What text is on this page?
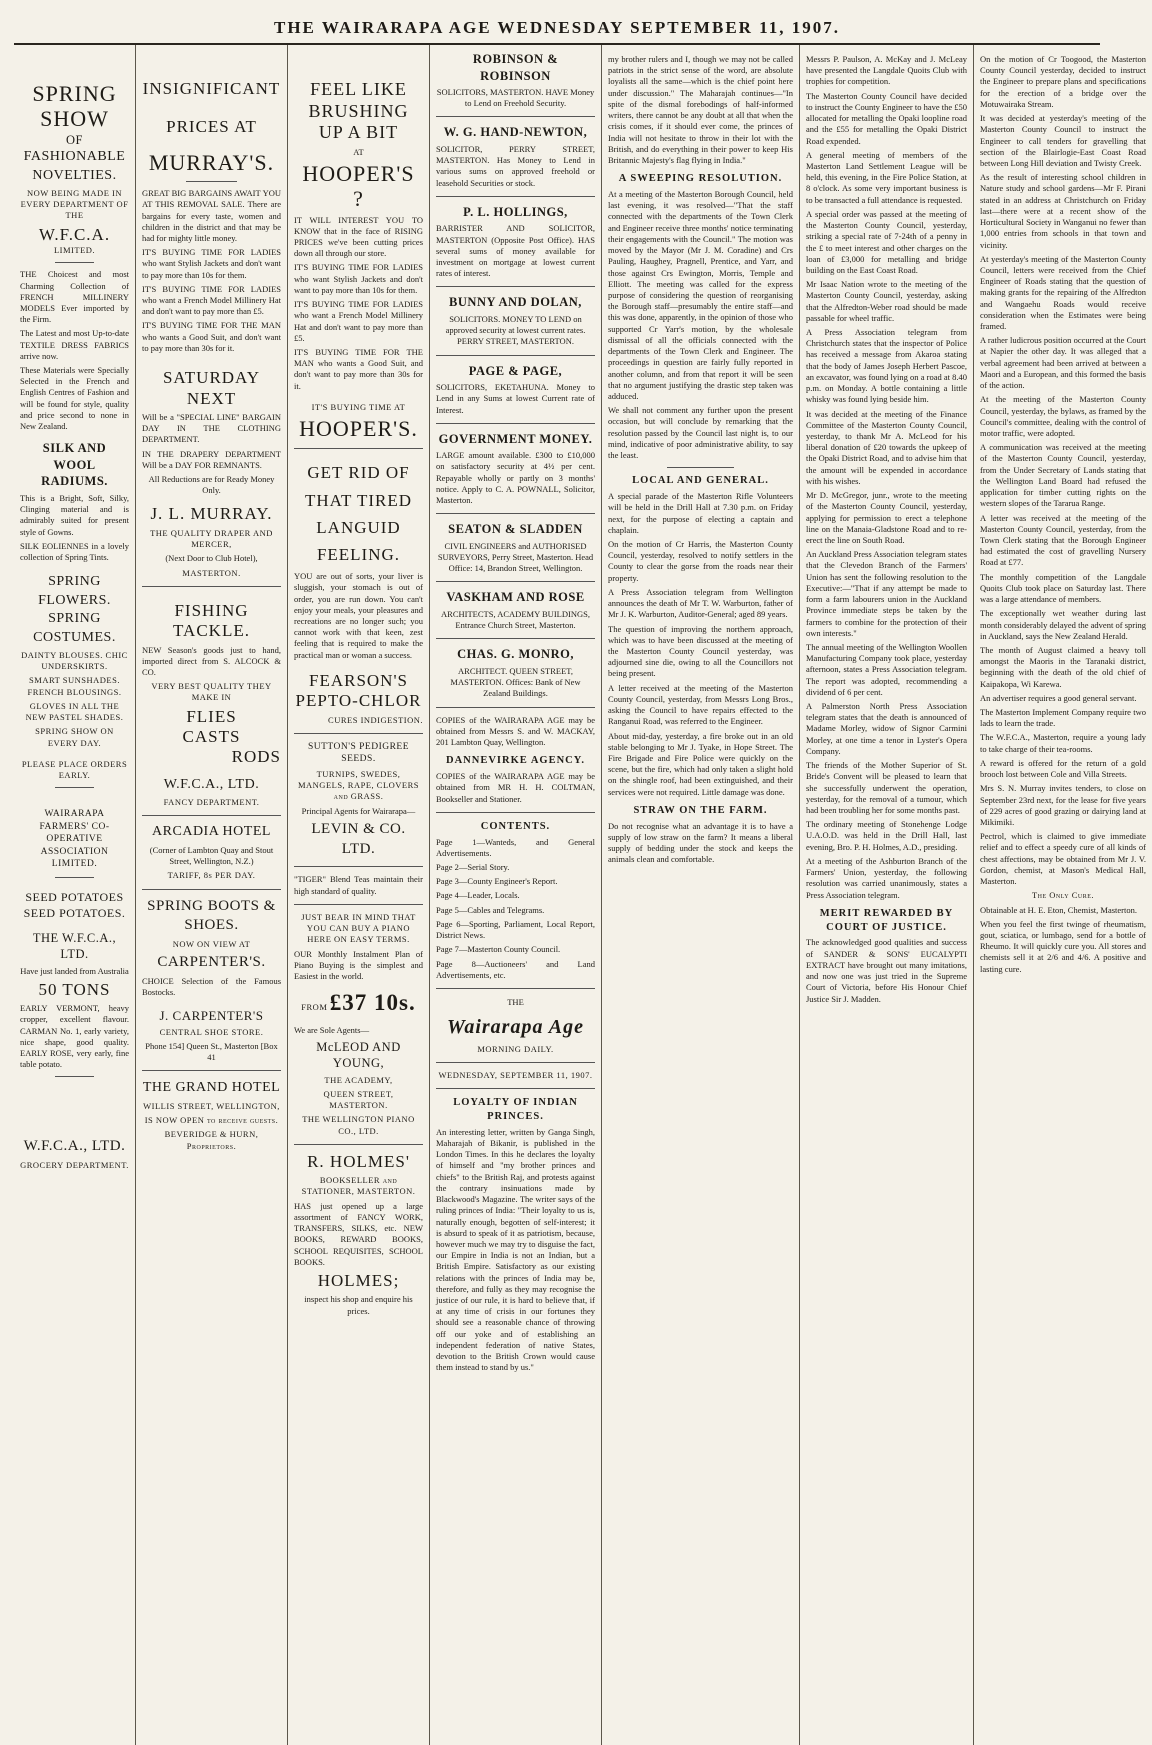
THE WAIRARAPA AGE WEDNESDAY SEPTEMBER 11, 1907.
SPRING
SHOW
OF
FASHIONABLE
NOVELTIES.

NOW BEING MADE IN EVERY DEPARTMENT OF THE

W.F.C.A.
LIMITED.

THE Choicest and most Charming Collection of FRENCH MILLINERY MODELS Ever imported by the Firm.

The Latest and most Up-to-date TEXTILE DRESS FABRICS arrive now.

These Materials were Specially Selected in the French and English Centres of Fashion and will be found for style, quality and price second to none in New Zealand.

SILK AND WOOL RADIUMS.

This is a Bright, Soft, Silky, Clinging material and is admirably suited for present style of Gowns.

SILK EOLIENNES in a lovely collection of Spring Tints.

SPRING FLOWERS.
SPRING COSTUMES.

DAINTY BLOUSES. CHIC UNDERSKIRTS.

SMART SUNSHADES. FRENCH BLOUSINGS.

GLOVES IN ALL THE NEW PASTEL SHADES.

SPRING SHOW ON EVERY DAY.

PLEASE PLACE ORDERS EARLY.

WAIRARAPA FARMERS' CO-OPERATIVE ASSOCIATION LIMITED.

SEED POTATOES SEED POTATOES.

THE W.F.C.A., LTD.

Have just landed from Australia

50 TONS

EARLY VERMONT, heavy cropper, excellent flavour. CARMAN No. 1, early variety, nice shape, good quality. EARLY ROSE, very early, fine table potato.

W.F.C.A., LTD.

GROCERY DEPARTMENT.

INSIGNIFICANT
PRICES AT
MURRAY'S.

GREAT BIG BARGAINS AWAIT YOU AT THIS REMOVAL SALE. There are bargains for every taste, women and children in the district and that may be had for mighty little money.

IT'S BUYING TIME FOR LADIES who want Stylish Jackets and don't want to pay more than 10s for them.

IT'S BUYING TIME FOR LADIES who want a French Model Millinery Hat and don't want to pay more than £5.

IT'S BUYING TIME FOR THE MAN who wants a Good Suit, and don't want to pay more than 30s for it.

SATURDAY NEXT

Will be a "SPECIAL LINE" BARGAIN DAY IN THE CLOTHING DEPARTMENT.

IN THE DRAPERY DEPARTMENT Will be a DAY FOR REMNANTS.

All Reductions are for Ready Money Only.

J. L. MURRAY.

THE QUALITY DRAPER AND MERCER,

(Next Door to Club Hotel),

MASTERTON.

FISHING TACKLE.

NEW Season's goods just to hand, imported direct from S. ALCOCK & CO.

VERY BEST QUALITY THEY MAKE IN

FLIES
CASTS
RODS
W.F.C.A., LTD.

FANCY DEPARTMENT.

ARCADIA HOTEL

(Corner of Lambton Quay and Stout Street, Wellington, N.Z.)

TARIFF, 8s PER DAY.

SPRING BOOTS & SHOES.

NOW ON VIEW AT

CARPENTER'S.

CHOICE Selection of the Famous Bostocks.

J. CARPENTER'S

CENTRAL SHOE STORE.

Phone 154] Queen St., Masterton [Box 41

THE GRAND HOTEL

WILLIS STREET, WELLINGTON,

IS NOW OPEN to receive guests.

BEVERIDGE & HURN, Proprietors.

FEEL LIKE BRUSHING UP A BIT

AT

HOOPER'S ?

IT WILL INTEREST YOU TO KNOW that in the face of RISING PRICES we've been cutting prices down all through our store.

IT'S BUYING TIME FOR LADIES who want Stylish Jackets and don't want to pay more than 10s for them.

IT'S BUYING TIME FOR LADIES who want a French Model Millinery Hat and don't want to pay more than £5.

IT'S BUYING TIME FOR THE MAN who wants a Good Suit, and don't want to pay more than 30s for it.

IT'S BUYING TIME AT

HOOPER'S.
GET RID OF THAT TIRED LANGUID FEELING.

YOU are out of sorts, your liver is sluggish, your stomach is out of order, you are run down. You can't enjoy your meals, your pleasures and recreations are no longer such; you cannot work with that keen, zest feeling that is required to make the practical man or woman a success.

FEARSON'S
PEPTO-CHLOR

CURES INDIGESTION.

SUTTON'S PEDIGREE SEEDS.

TURNIPS, SWEDES, MANGELS, RAPE, CLOVERS and GRASS.

Principal Agents for Wairarapa—

LEVIN & CO. LTD.

"TIGER" Blend Teas maintain their high standard of quality.

JUST BEAR IN MIND THAT YOU CAN BUY A PIANO HERE ON EASY TERMS.

OUR Monthly Instalment Plan of Piano Buying is the simplest and Easiest in the world.

FROM £37 10s.

We are Sole Agents—

McLEOD AND YOUNG,

THE ACADEMY,

QUEEN STREET, MASTERTON.

THE WELLINGTON PIANO CO., LTD.

R. HOLMES'

BOOKSELLER and STATIONER, MASTERTON.

HAS just opened up a large assortment of FANCY WORK, TRANSFERS, SILKS, etc. NEW BOOKS, REWARD BOOKS, SCHOOL REQUISITES, SCHOOL BOOKS.

HOLMES;

inspect his shop and enquire his prices.

ROBINSON & ROBINSON

SOLICITORS, MASTERTON. HAVE Money to Lend on Freehold Security.

W. G. HAND-NEWTON,

SOLICITOR, PERRY STREET, MASTERTON. Has Money to Lend in various sums on approved freehold or leasehold Securities or stock.

P. L. HOLLINGS,

BARRISTER AND SOLICITOR, MASTERTON (Opposite Post Office). HAS several sums of money available for investment on mortgage at lowest current rates of interest.

BUNNY AND DOLAN,

SOLICITORS. MONEY TO LEND on approved security at lowest current rates. PERRY STREET, MASTERTON.

PAGE & PAGE,

SOLICITORS, EKETAHUNA. Money to Lend in any Sums at lowest Current rate of Interest.

GOVERNMENT MONEY.

LARGE amount available. £300 to £10,000 on satisfactory security at 4½ per cent. Repayable wholly or partly on 3 months' notice. Apply to C. A. POWNALL, Solicitor, Masterton.

SEATON & SLADDEN

CIVIL ENGINEERS and AUTHORISED SURVEYORS, Perry Street, Masterton. Head Office: 14, Brandon Street, Wellington.

VASKHAM AND ROSE

ARCHITECTS, ACADEMY BUILDINGS, Entrance Church Street, Masterton.

CHAS. G. MONRO,

ARCHITECT. QUEEN STREET, MASTERTON. Offices: Bank of New Zealand Buildings.

COPIES of the WAIRARAPA AGE may be obtained from Messrs S. and W. MACKAY, 201 Lambton Quay, Wellington.

DANNEVIRKE AGENCY.

COPIES of the WAIRARAPA AGE may be obtained from MR H. H. COLTMAN, Bookseller and Stationer.

CONTENTS.

Page 1—Wanteds, and General Advertisements.

Page 2—Serial Story.

Page 3—County Engineer's Report.

Page 4—Leader, Locals.

Page 5—Cables and Telegrams.

Page 6—Sporting, Parliament, Local Report, District News.

Page 7—Masterton County Council.

Page 8—Auctioneers' and Land Advertisements, etc.

THE

Wairarapa Age

MORNING DAILY.

WEDNESDAY, SEPTEMBER 11, 1907.

LOYALTY OF INDIAN PRINCES.

An interesting letter, written by Ganga Singh, Maharajah of Bikanir, is published in the London Times. In this he declares the loyalty of himself and "my brother princes and chiefs" to the British Raj, and protests against the contrary insinuations made by Blackwood's Magazine. The writer says of the ruling princes of India: "Their loyalty to us is, naturally enough, begotten of self-interest; it is absurd to speak of it as patriotism, because, however much we may try to disguise the fact, our Empire in India is not an Indian, but a British Empire. Satisfactory as our existing relations with the princes of India may be, therefore, and fully as they may recognise the justice of our rule, it is hard to believe that, if at any time of crisis in our fortunes they should see a reasonable chance of throwing off our yoke and of establishing an independent federation of native States, devotion to the British Crown would cause them instead to stand by us."

my brother rulers and I, though we may not be called patriots in the strict sense of the word, are absolute loyalists all the same—which is the chief point here under discussion." The Maharajah continues—"In spite of the dismal forebodings of half-informed writers, there cannot be any doubt at all that when the crisis comes, if it should ever come, the princes of India will not hesitate to throw in their lot with the British, and do everything in their power to keep His Britannic Majesty's flag flying in India."

A SWEEPING RESOLUTION.

At a meeting of the Masterton Borough Council, held last evening, it was resolved—"That the staff connected with the departments of the Town Clerk and Engineer receive three months' notice terminating their engagements with the Council." The motion was moved by the Mayor (Mr J. M. Coradine) and Crs Pauling, Haughey, Pragnell, Prentice, and Yarr, and those against Crs Ewington, Morris, Temple and Elliott. The meeting was called for the express purpose of considering the question of reorganising the Borough staff—presumably the entire staff—and this was done, apparently, in the opinion of those who supported Cr Yarr's motion, by the wholesale dismissal of all the officials connected with the departments of the Town Clerk and Engineer. The proceedings in question are fairly fully reported in another column, and from that report it will be seen that no argument justifying the drastic step taken was adduced.

We shall not comment any further upon the present occasion, but will conclude by remarking that the resolution passed by the Council last night is, to our mind, indicative of poor administrative ability, to say the least.

LOCAL AND GENERAL.

A special parade of the Masterton Rifle Volunteers will be held in the Drill Hall at 7.30 p.m. on Friday next, for the purpose of electing a captain and chaplain.

On the motion of Cr Harris, the Masterton County Council, yesterday, resolved to notify settlers in the County to clear the gorse from the roads near their property.

A Press Association telegram from Wellington announces the death of Mr T. W. Warburton, father of Mr J. K. Warburton, Auditor-General; aged 89 years.

The question of improving the northern approach, which was to have been discussed at the meeting of the Masterton County Council yesterday, was adjourned sine die, owing to all the Councillors not being present.

A letter received at the meeting of the Masterton County Council, yesterday, from Messrs Long Bros., asking the Council to have repairs effected to the Ranganui Road, was referred to the Engineer.

About mid-day, yesterday, a fire broke out in an old stable belonging to Mr J. Tyake, in Hope Street. The Fire Brigade and Fire Police were quickly on the scene, but the fire, which had only taken a slight hold on the shingle roof, had been extinguished, and their services were not required. Little damage was done.

STRAW ON THE FARM.

Do not recognise what an advantage it is to have a supply of low straw on the farm? It means a liberal supply of bedding under the stock and keeps the animals clean and comfortable.

Messrs P. Paulson, A. McKay and J. McLeay have presented the Langdale Quoits Club with trophies for competition.

The Masterton County Council have decided to instruct the County Engineer to have the £50 allocated for metalling the Opaki loopline road and the £55 for metalling the Opaki District Road expended.

A general meeting of members of the Masterton Land Settlement League will be held, this evening, in the Fire Police Station, at 8 o'clock. As some very important business is to be transacted a full attendance is requested.

A special order was passed at the meeting of the Masterton County Council, yesterday, striking a special rate of 7-24th of a penny in the £ to meet interest and other charges on the loan of £3,000 for metalling and bridge building on the East Coast Road.

Mr Isaac Nation wrote to the meeting of the Masterton County Council, yesterday, asking that the Alfredton-Weber road should be made passable for wheel traffic.

A Press Association telegram from Christchurch states that the inspector of Police has received a message from Akaroa stating that the body of James Joseph Herbert Pascoe, an excavator, was found lying on a road at 8.40 p.m. on Monday. A bottle containing a little whisky was found lying beside him.

It was decided at the meeting of the Finance Committee of the Masterton County Council, yesterday, to thank Mr A. McLeod for his liberal donation of £20 towards the upkeep of the Opaki District Road, and to advise him that the amount will be expended in accordance with his wishes.

Mr D. McGregor, junr., wrote to the meeting of the Masterton County Council, yesterday, applying for permission to erect a telephone line on the Manaia-Gladstone Road and to re-erect the line on South Road.

An Auckland Press Association telegram states that the Clevedon Branch of the Farmers' Union has sent the following resolution to the Executive:—"That if any attempt be made to form a farm labourers union in the Auckland Province immediate steps be taken by the farmers to combine for the protection of their own interests."

The annual meeting of the Wellington Woollen Manufacturing Company took place, yesterday afternoon, states a Press Association telegram. The report was adopted, recommending a dividend of 6 per cent.

A Palmerston North Press Association telegram states that the death is announced of Madame Morley, widow of Signor Carmini Morley, at one time a tenor in Lyster's Opera Company.

The friends of the Mother Superior of St. Bride's Convent will be pleased to learn that she successfully underwent the operation, yesterday, for the removal of a tumour, which had been troubling her for some months past.

The ordinary meeting of Stonehenge Lodge U.A.O.D. was held in the Drill Hall, last evening, Bro. P. H. Holmes, A.D., presiding.

At a meeting of the Ashburton Branch of the Farmers' Union, yesterday, the following resolution was carried unanimously, states a Press Association telegram.

MERIT REWARDED BY COURT OF JUSTICE.

The acknowledged good qualities and success of SANDER & SONS' EUCALYPTI EXTRACT have brought out many imitations, and now one was just tried in the Supreme Court of Victoria, before His Honour Chief Justice Sir J. Madden.

On the motion of Cr Toogood, the Masterton County Council yesterday, decided to instruct the Engineer to prepare plans and specifications for the erection of a bridge over the Motuwairaka Stream.

It was decided at yesterday's meeting of the Masterton County Council to instruct the Engineer to call tenders for gravelling that section of the Blairlogie-East Coast Road between Long Hill deviation and Twisty Creek.

As the result of interesting school children in Nature study and school gardens—Mr F. Pirani stated in an address at Christchurch on Friday last—there were at a recent show of the Horticultural Society in Wanganui no fewer than 1,000 entries from schools in that town and vicinity.

At yesterday's meeting of the Masterton County Council, letters were received from the Chief Engineer of Roads stating that the question of making grants for the repairing of the Alfredton and Wangaehu Roads would receive consideration when the Estimates were being framed.

A rather ludicrous position occurred at the Court at Napier the other day. It was alleged that a verbal agreement had been arrived at between a Maori and a European, and this formed the basis of the action.

At the meeting of the Masterton County Council, yesterday, the bylaws, as framed by the Council's committee, dealing with the control of motor traffic, were adopted.

A communication was received at the meeting of the Masterton County Council, yesterday, from the Under Secretary of Lands stating that the Wellington Land Board had refused the application for timber cutting rights on the western slopes of the Tararua Range.

A letter was received at the meeting of the Masterton County Council, yesterday, from the Town Clerk stating that the Borough Engineer had estimated the cost of gravelling Nursery Road at £77.

The monthly competition of the Langdale Quoits Club took place on Saturday last. There was a large attendance of members.

The exceptionally wet weather during last month considerably delayed the advent of spring in Auckland, says the New Zealand Herald.

The month of August claimed a heavy toll amongst the Maoris in the Taranaki district, beginning with the death of the old chief of Kaipakopa, Wi Karewa.

An advertiser requires a good general servant.

The Masterton Implement Company require two lads to learn the trade.

The W.F.C.A., Masterton, require a young lady to take charge of their tea-rooms.

A reward is offered for the return of a gold brooch lost between Cole and Villa Streets.

Mrs S. N. Murray invites tenders, to close on September 23rd next, for the lease for five years of 229 acres of good grazing or dairying land at Mikimiki.

Pectrol, which is claimed to give immediate relief and to effect a speedy cure of all kinds of chest affections, may be obtained from Mr J. V. Gordon, chemist, at Mason's Medical Hall, Masterton.

The Only Cure.

Obtainable at H. E. Eton, Chemist, Masterton.

When you feel the first twinge of rheumatism, gout, sciatica, or lumbago, send for a bottle of Rheumo. It will quickly cure you. All stores and chemists sell it at 2/6 and 4/6. A positive and lasting cure.
